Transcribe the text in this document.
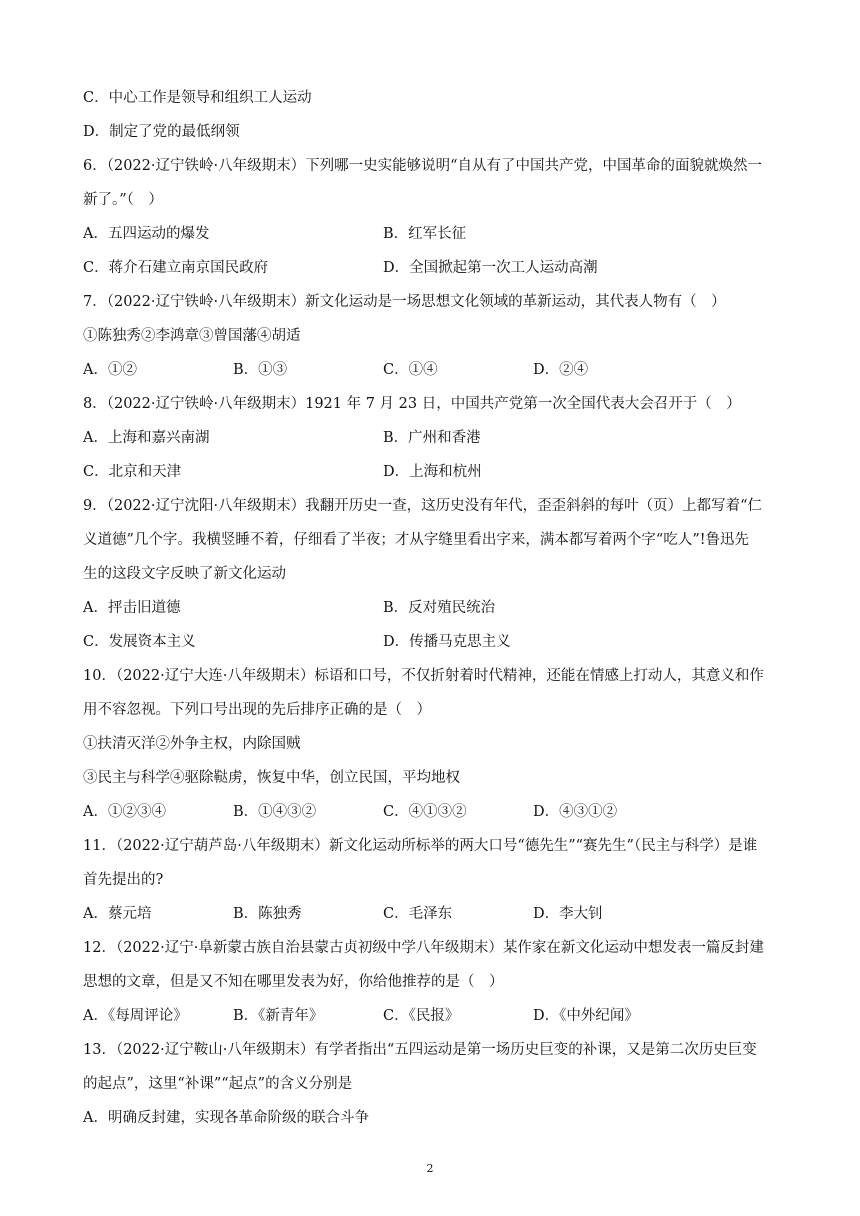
C．中心工作是领导和组织工人运动
D．制定了党的最低纲领
6．（2022·辽宁铁岭·八年级期末）下列哪一史实能够说明“自从有了中国共产党，中国革命的面貌就焕然一
新了。”（　）
A．五四运动的爆发	B．红军长征
C．蒋介石建立南京国民政府	D．全国掀起第一次工人运动高潮
7．（2022·辽宁铁岭·八年级期末）新文化运动是一场思想文化领域的革新运动，其代表人物有（　）
①陈独秀②李鸿章③曾国藩④胡适
A．①②	B．①③	C．①④	D．②④
8．（2022·辽宁铁岭·八年级期末）1921 年 7 月 23 日，中国共产党第一次全国代表大会召开于（　）
A．上海和嘉兴南湖	B．广州和香港
C．北京和天津	D．上海和杭州
9．（2022·辽宁沈阳·八年级期末）我翻开历史一查，这历史没有年代，歪歪斜斜的每叶（页）上都写着“仁
义道德”几个字。我横竖睡不着，仔细看了半夜；才从字缝里看出字来，满本都写着两个字“吃人”!鲁迅先
生的这段文字反映了新文化运动
A．抨击旧道德	B．反对殖民统治
C．发展资本主义	D．传播马克思主义
10．（2022·辽宁大连·八年级期末）标语和口号，不仅折射着时代精神，还能在情感上打动人，其意义和作
用不容忽视。下列口号出现的先后排序正确的是（　）
①扶清灭洋②外争主权，内除国贼
③民主与科学④驱除鞑虏，恢复中华，创立民国，平均地权
A．①②③④	B．①④③②	C．④①③②	D．④③①②
11．（2022·辽宁葫芦岛·八年级期末）新文化运动所标举的两大口号“德先生”“赛先生”（民主与科学）是谁
首先提出的?
A．蔡元培	B．陈独秀	C．毛泽东	D．李大钊
12．（2022·辽宁·阜新蒙古族自治县蒙古贞初级中学八年级期末）某作家在新文化运动中想发表一篇反封建
思想的文章，但是又不知在哪里发表为好，你给他推荐的是（　）
A．《每周评论》	B．《新青年》	C．《民报》	D．《中外纪闻》
13．（2022·辽宁鞍山·八年级期末）有学者指出“五四运动是第一场历史巨变的补课，又是第二次历史巨变
的起点”，这里“补课”“起点”的含义分别是
A．明确反封建，实现各革命阶级的联合斗争
2
